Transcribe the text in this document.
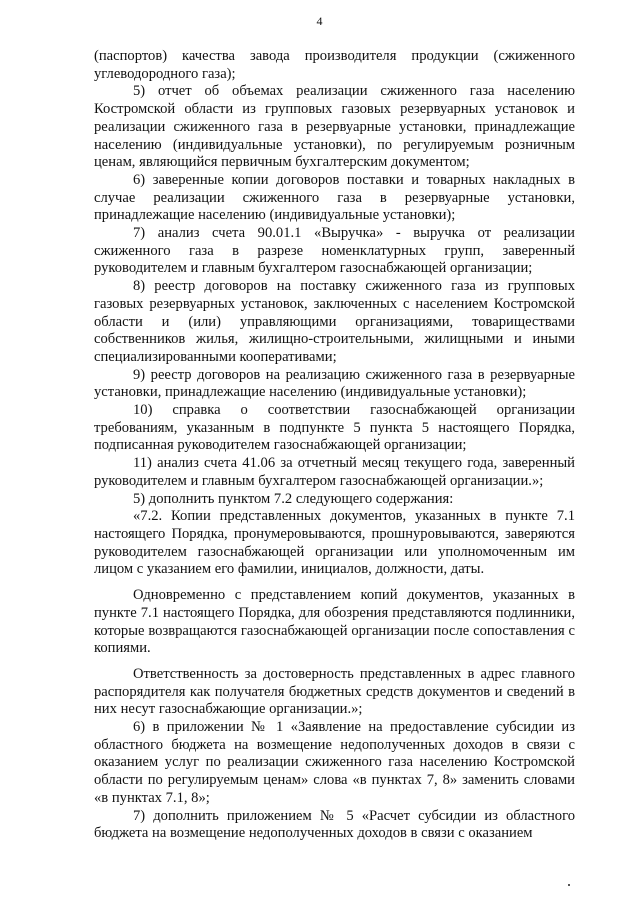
4

(паспортов) качества завода производителя продукции (сжиженного углеводородного газа);

5) отчет об объемах реализации сжиженного газа населению Костромской области из групповых газовых резервуарных установок и реализации сжиженного газа в резервуарные установки, принадлежащие населению (индивидуальные установки), по регулируемым розничным ценам, являющийся первичным бухгалтерским документом;

6) заверенные копии договоров поставки и товарных накладных в случае реализации сжиженного газа в резервуарные установки, принадлежащие населению (индивидуальные установки);

7) анализ счета 90.01.1 «Выручка» - выручка от реализации сжиженного газа в разрезе номенклатурных групп, заверенный руководителем и главным бухгалтером газоснабжающей организации;

8) реестр договоров на поставку сжиженного газа из групповых газовых резервуарных установок, заключенных с населением Костромской области и (или) управляющими организациями, товариществами собственников жилья, жилищно-строительными, жилищными и иными специализированными кооперативами;

9) реестр договоров на реализацию сжиженного газа в резервуарные установки, принадлежащие населению (индивидуальные установки);

10) справка о соответствии газоснабжающей организации требованиям, указанным в подпункте 5 пункта 5 настоящего Порядка, подписанная руководителем газоснабжающей организации;

11) анализ счета 41.06 за отчетный месяц текущего года, заверенный руководителем и главным бухгалтером газоснабжающей организации.»;

5) дополнить пунктом 7.2 следующего содержания:

«7.2. Копии представленных документов, указанных в пункте 7.1 настоящего Порядка, пронумеровываются, прошнуровываются, заверяются руководителем газоснабжающей организации или уполномоченным им лицом с указанием его фамилии, инициалов, должности, даты.

Одновременно с представлением копий документов, указанных в пункте 7.1 настоящего Порядка, для обозрения представляются подлинники, которые возвращаются газоснабжающей организации после сопоставления с копиями.

Ответственность за достоверность представленных в адрес главного распорядителя как получателя бюджетных средств документов и сведений в них несут газоснабжающие организации.»;

6) в приложении № 1 «Заявление на предоставление субсидии из областного бюджета на возмещение недополученных доходов в связи с оказанием услуг по реализации сжиженного газа населению Костромской области по регулируемым ценам» слова «в пунктах 7, 8» заменить словами «в пунктах 7.1, 8»;

7) дополнить приложением № 5 «Расчет субсидии из областного бюджета на возмещение недополученных доходов в связи с оказанием
